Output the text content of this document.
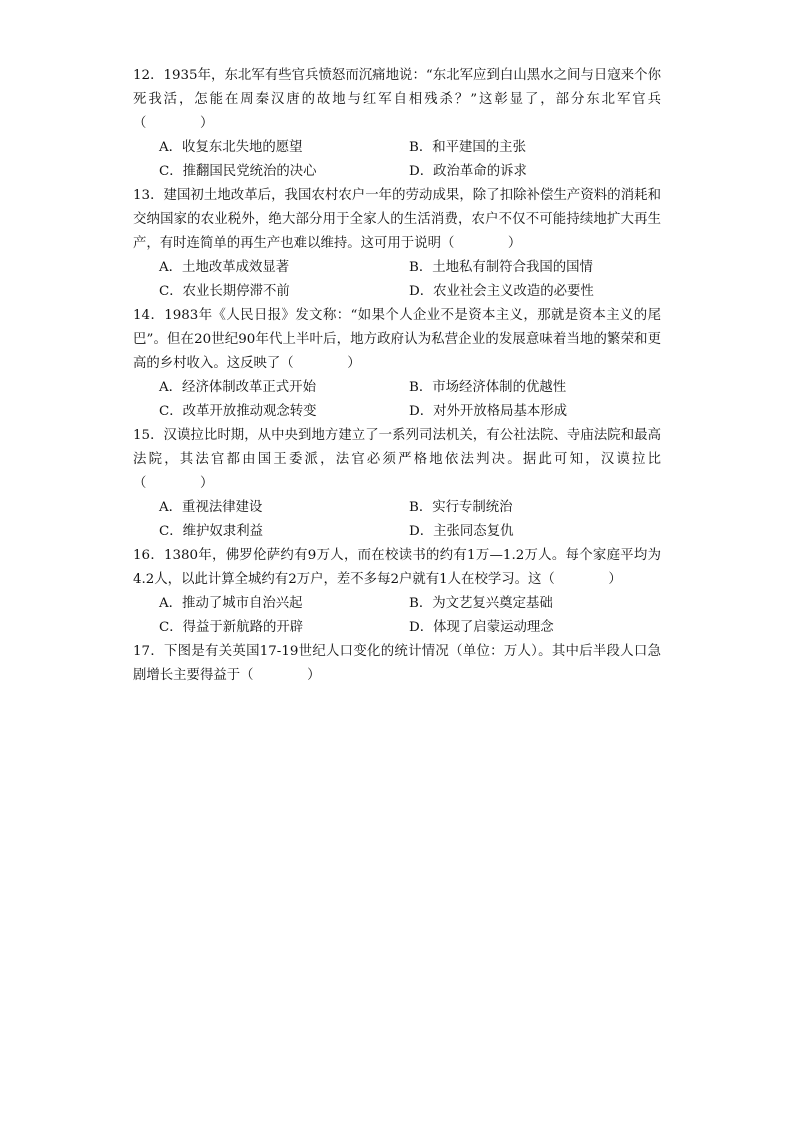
12．1935年，东北军有些官兵愤怒而沉痛地说：“东北军应到白山黑水之间与日寇来个你死我活，怎能在周秦汉唐的故地与红军自相残杀？”这彰显了，部分东北军官兵（　　　　）

A．收复东北失地的愿望	B．和平建国的主张
C．推翻国民党统治的决心	D．政治革命的诉求

13．建国初土地改革后，我国农村农户一年的劳动成果，除了扣除补偿生产资料的消耗和交纳国家的农业税外，绝大部分用于全家人的生活消费，农户不仅不可能持续地扩大再生产，有时连简单的再生产也难以维持。这可用于说明（　　　　）

A．土地改革成效显著	B．土地私有制符合我国的国情
C．农业长期停滞不前	D．农业社会主义改造的必要性

14．1983年《人民日报》发文称：“如果个人企业不是资本主义，那就是资本主义的尾巴”。但在20世纪90年代上半叶后，地方政府认为私营企业的发展意味着当地的繁荣和更高的乡村收入。这反映了（　　　　）

A．经济体制改革正式开始	B．市场经济体制的优越性
C．改革开放推动观念转变	D．对外开放格局基本形成

15．汉谟拉比时期，从中央到地方建立了一系列司法机关，有公社法院、寺庙法院和最高法院，其法官都由国王委派，法官必须严格地依法判决。据此可知，汉谟拉比（　　　　）

A．重视法律建设	B．实行专制统治
C．维护奴隶利益	D．主张同态复仇

16．1380年，佛罗伦萨约有9万人，而在校读书的约有1万—1.2万人。每个家庭平均为4.2人，以此计算全城约有2万户，差不多每2户就有1人在校学习。这（　　　　）

A．推动了城市自治兴起	B．为文艺复兴奠定基础
C．得益于新航路的开辟	D．体现了启蒙运动理念

17．下图是有关英国17-19世纪人口变化的统计情况（单位：万人）。其中后半段人口急剧增长主要得益于（　　　　）
